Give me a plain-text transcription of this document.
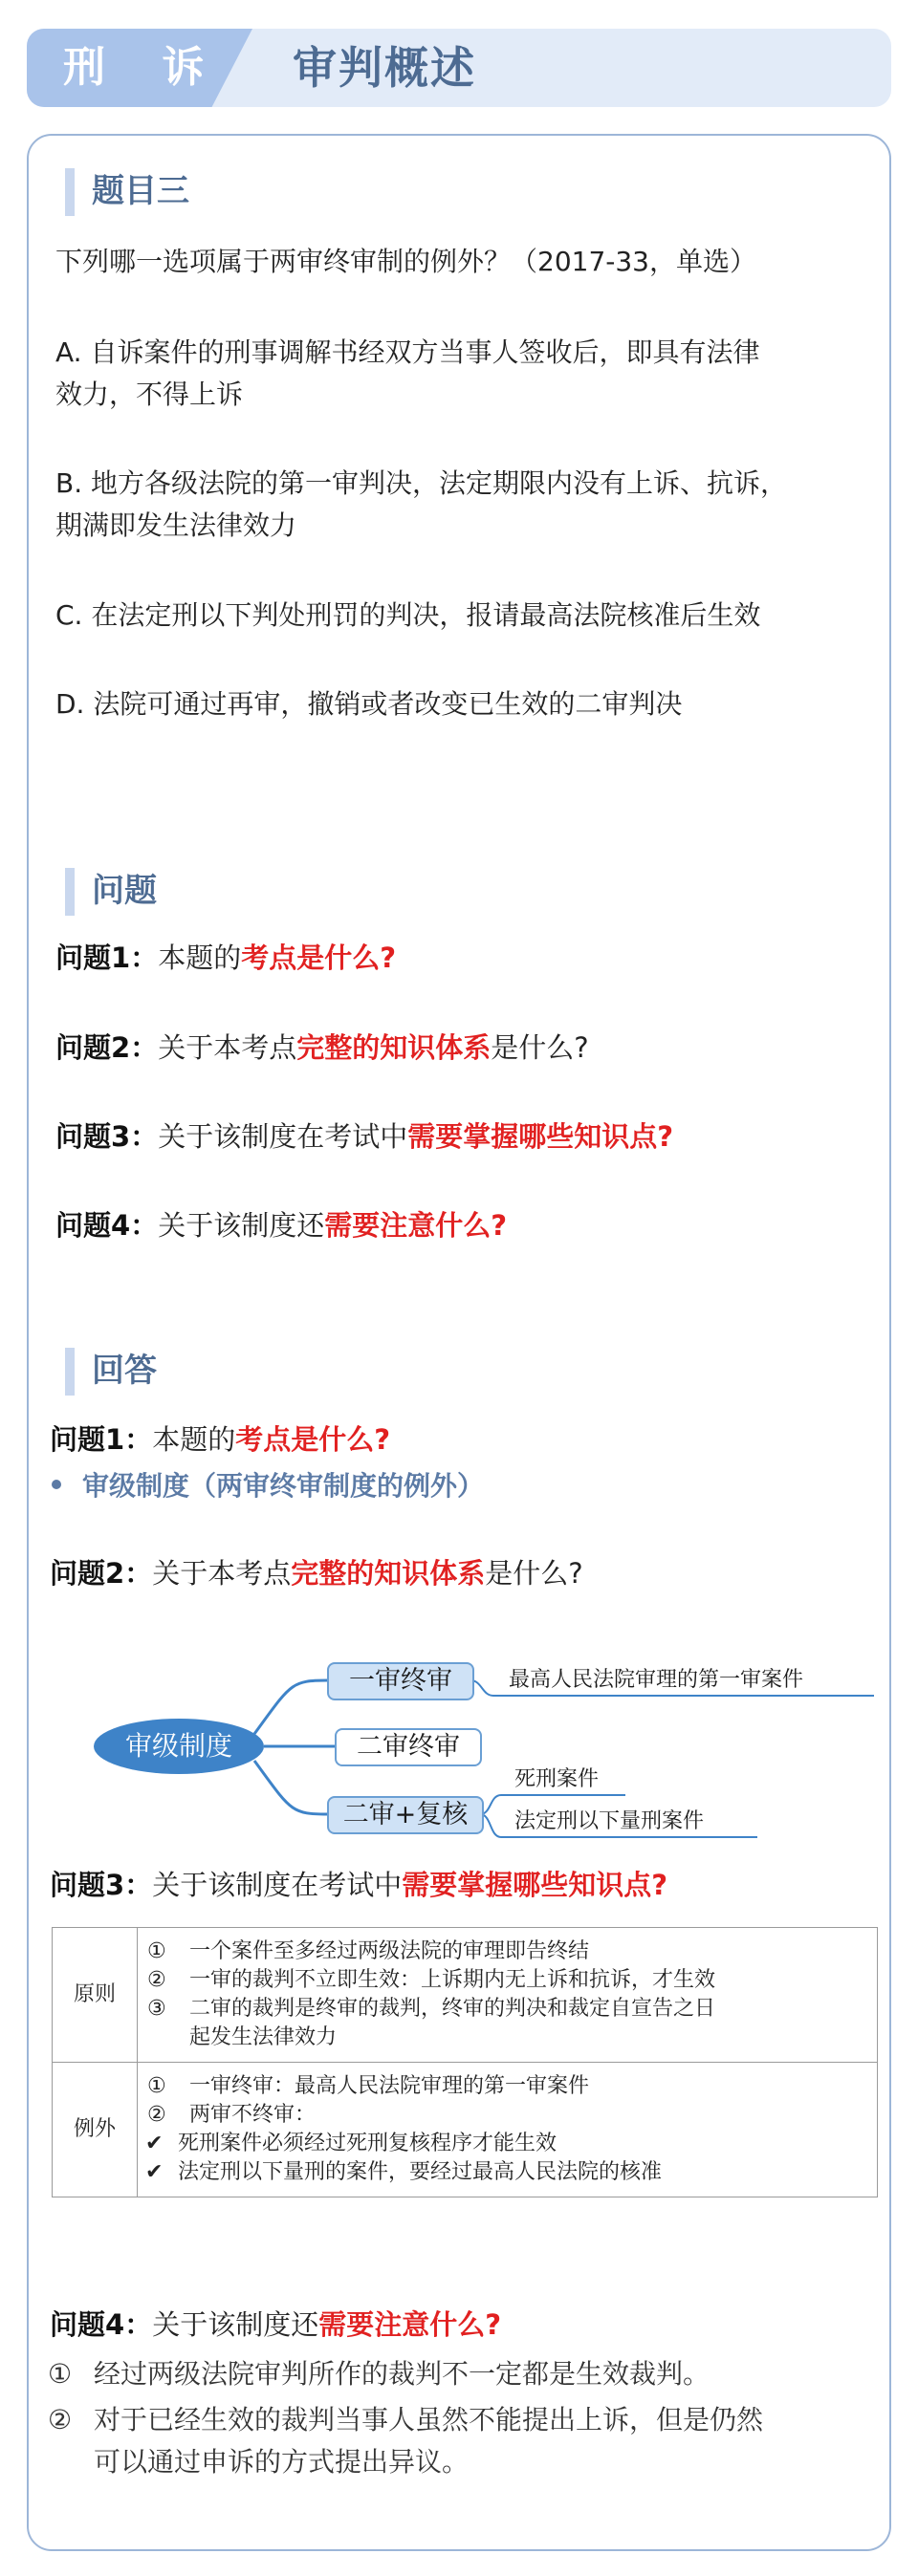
刑 诉 审判概述
题目三

下列哪一选项属于两审终审制的例外？（2017-33，单选）

A. 自诉案件的刑事调解书经双方当事人签收后，即具有法律
效力，不得上诉

B. 地方各级法院的第一审判决，法定期限内没有上诉、抗诉，
期满即发生法律效力

C. 在法定刑以下判处刑罚的判决，报请最高法院核准后生效

D. 法院可通过再审，撤销或者改变已生效的二审判决

问题
问题1：本题的考点是什么?
问题2：关于本考点完整的知识体系是什么?
问题3：关于该制度在考试中需要掌握哪些知识点?
问题4：关于该制度还需要注意什么?
回答
问题1：本题的考点是什么?
审级制度（两审终审制度的例外）
问题2：关于本考点完整的知识体系是什么?
审级制度
一审终审
二审终审
二审+复核
最高人民法院审理的第一审案件
死刑案件
法定刑以下量刑案件
问题3：关于该制度在考试中需要掌握哪些知识点?
原则	① 一个案件至多经过两级法院的审理即告终结
② 一审的裁判不立即生效：上诉期内无上诉和抗诉，才生效
③ 二审的裁判是终审的裁判，终审的判决和裁定自宣告之日
起发生法律效力

例外	① 一审终审：最高人民法院审理的第一审案件
② 两审不终审：
✔ 死刑案件必须经过死刑复核程序才能生效
✔ 法定刑以下量刑的案件，要经过最高人民法院的核准
问题4：关于该制度还需要注意什么?
① 经过两级法院审判所作的裁判不一定都是生效裁判。
② 对于已经生效的裁判当事人虽然不能提出上诉，但是仍然
可以通过申诉的方式提出异议。
